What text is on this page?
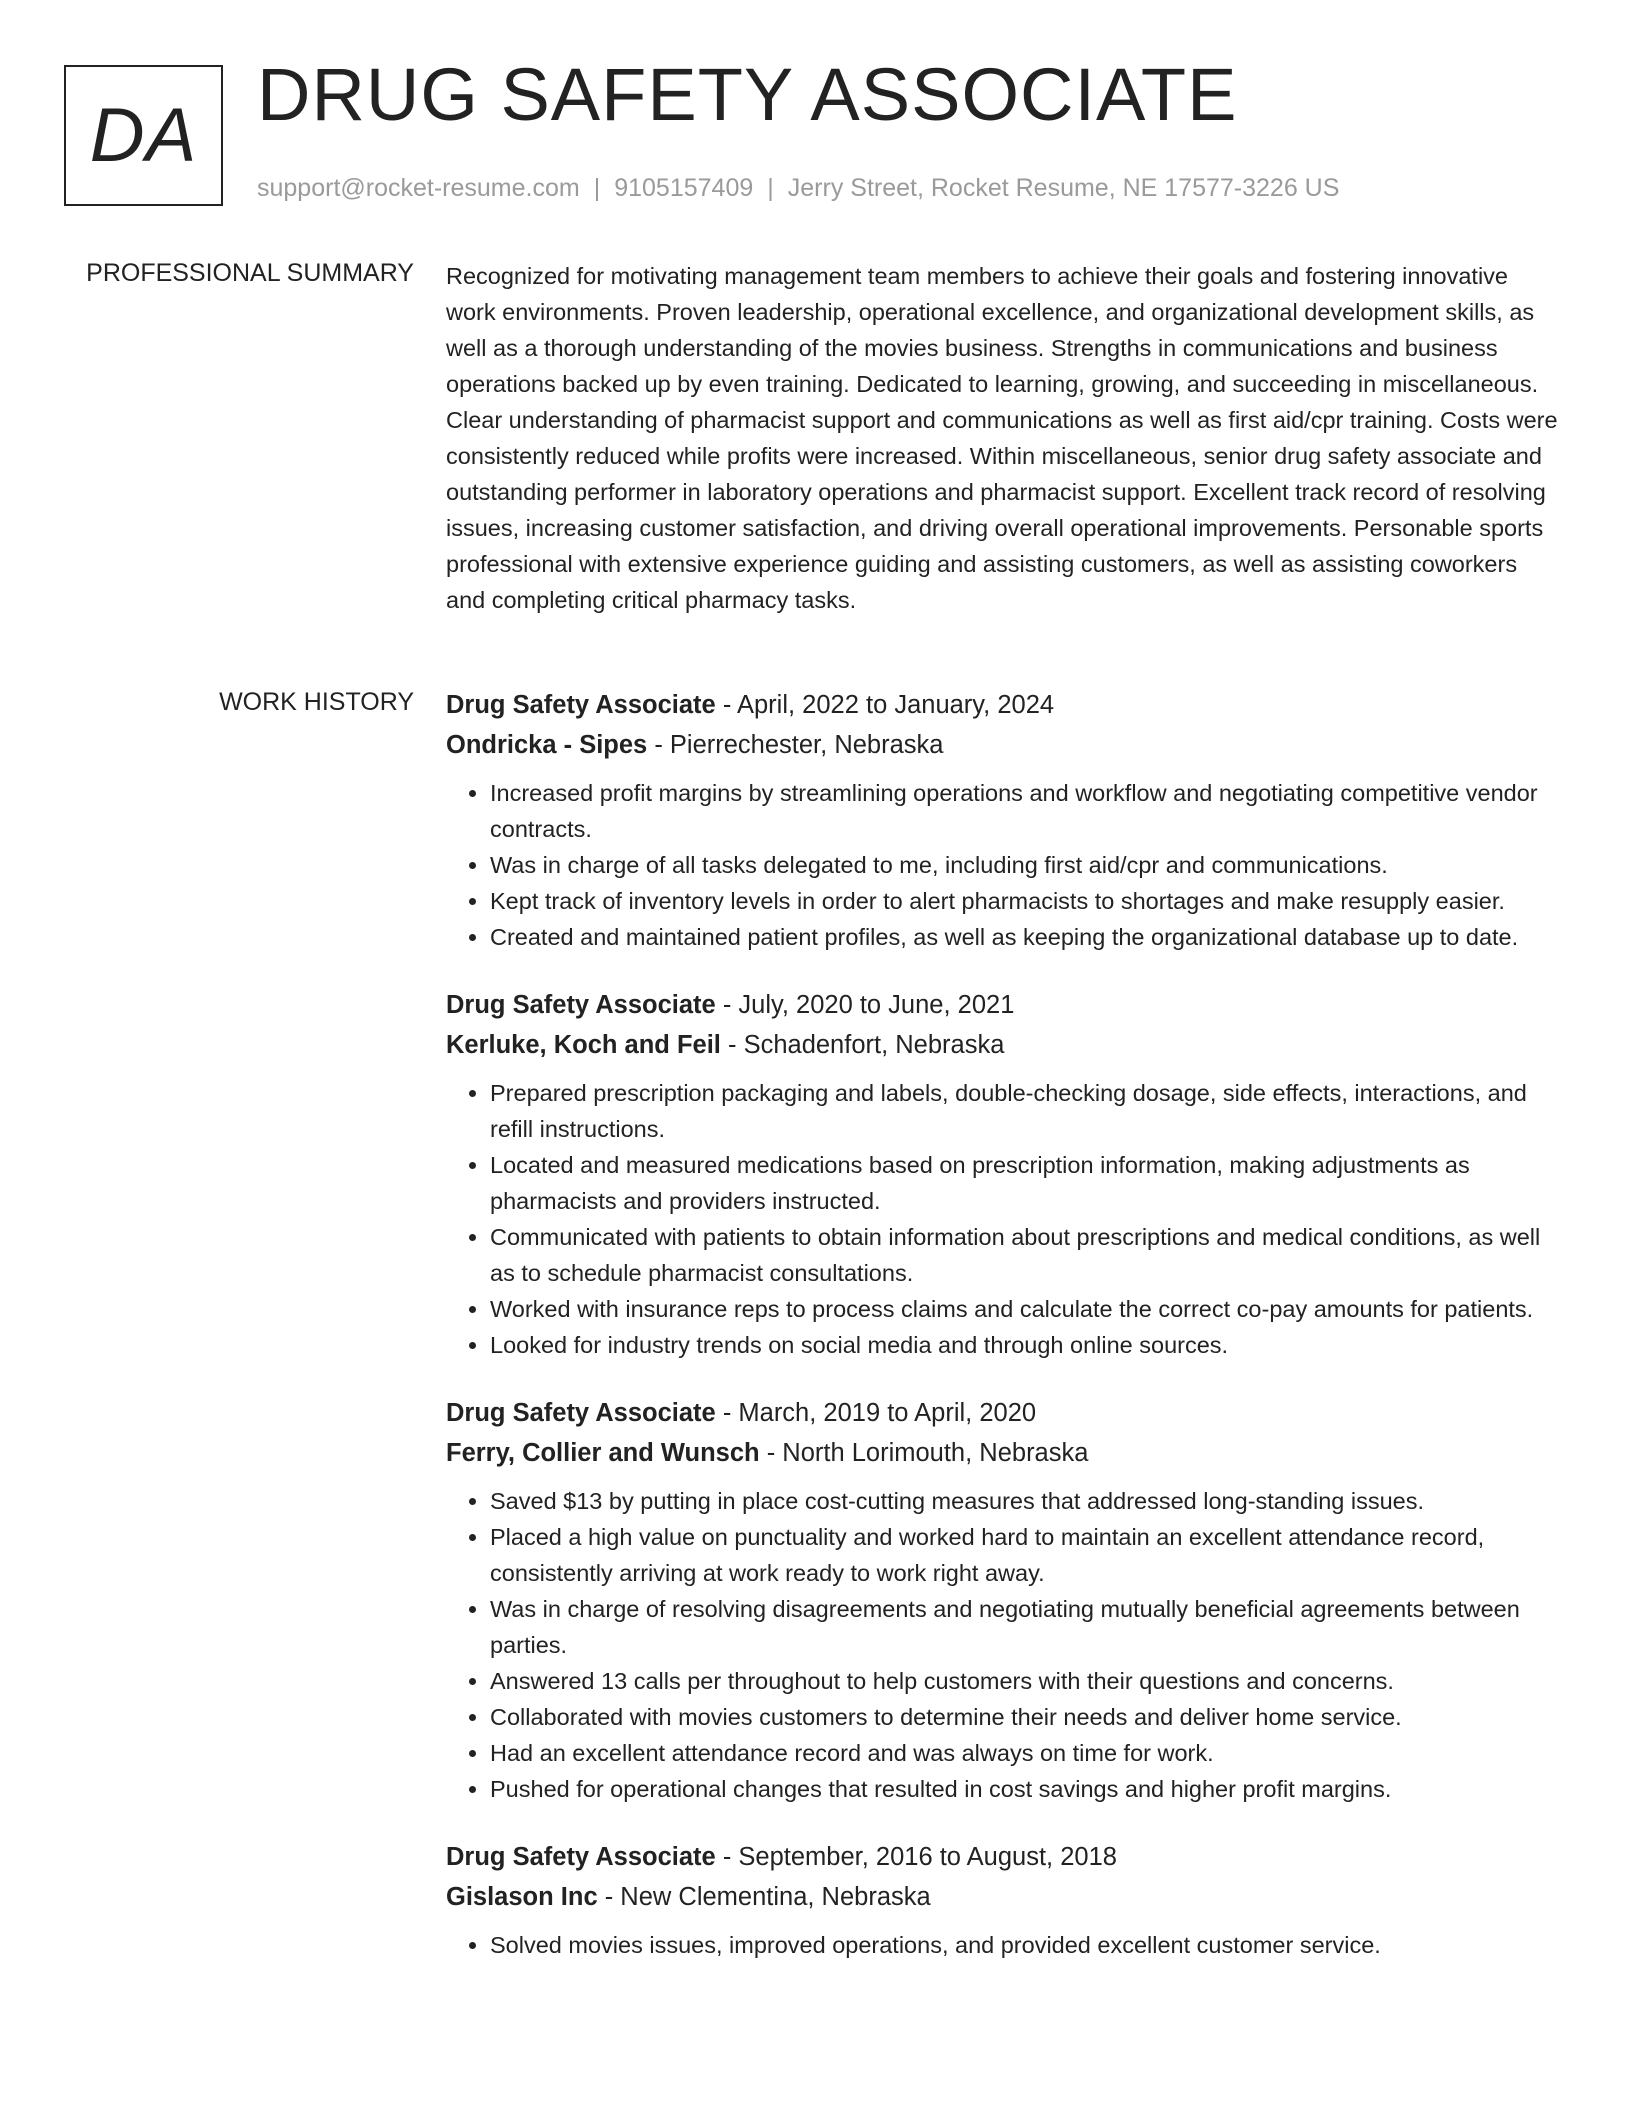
DA DRUG SAFETY ASSOCIATE
support@rocket-resume.com | 9105157409 | Jerry Street, Rocket Resume, NE 17577-3226 US
PROFESSIONAL SUMMARY Recognized for motivating management team members to achieve their goals and fostering innovative work environments. Proven leadership, operational excellence, and organizational development skills, as well as a thorough understanding of the movies business. Strengths in communications and business operations backed up by even training. Dedicated to learning, growing, and succeeding in miscellaneous. Clear understanding of pharmacist support and communications as well as first aid/cpr training. Costs were consistently reduced while profits were increased. Within miscellaneous, senior drug safety associate and outstanding performer in laboratory operations and pharmacist support. Excellent track record of resolving issues, increasing customer satisfaction, and driving overall operational improvements. Personable sports professional with extensive experience guiding and assisting customers, as well as assisting coworkers and completing critical pharmacy tasks.

WORK HISTORY Drug Safety Associate - April, 2022 to January, 2024
Ondricka - Sipes - Pierrechester, Nebraska
• Increased profit margins by streamlining operations and workflow and negotiating competitive vendor contracts.
• Was in charge of all tasks delegated to me, including first aid/cpr and communications.
• Kept track of inventory levels in order to alert pharmacists to shortages and make resupply easier.
• Created and maintained patient profiles, as well as keeping the organizational database up to date.
Drug Safety Associate - July, 2020 to June, 2021
Kerluke, Koch and Feil - Schadenfort, Nebraska
• Prepared prescription packaging and labels, double-checking dosage, side effects, interactions, and refill instructions.
• Located and measured medications based on prescription information, making adjustments as pharmacists and providers instructed.
• Communicated with patients to obtain information about prescriptions and medical conditions, as well as to schedule pharmacist consultations.
• Worked with insurance reps to process claims and calculate the correct co-pay amounts for patients.
• Looked for industry trends on social media and through online sources.
Drug Safety Associate - March, 2019 to April, 2020
Ferry, Collier and Wunsch - North Lorimouth, Nebraska
• Saved $13 by putting in place cost-cutting measures that addressed long-standing issues.
• Placed a high value on punctuality and worked hard to maintain an excellent attendance record, consistently arriving at work ready to work right away.
• Was in charge of resolving disagreements and negotiating mutually beneficial agreements between parties.
• Answered 13 calls per throughout to help customers with their questions and concerns.
• Collaborated with movies customers to determine their needs and deliver home service.
• Had an excellent attendance record and was always on time for work.
• Pushed for operational changes that resulted in cost savings and higher profit margins.
Drug Safety Associate - September, 2016 to August, 2018
Gislason Inc - New Clementina, Nebraska
• Solved movies issues, improved operations, and provided excellent customer service.
